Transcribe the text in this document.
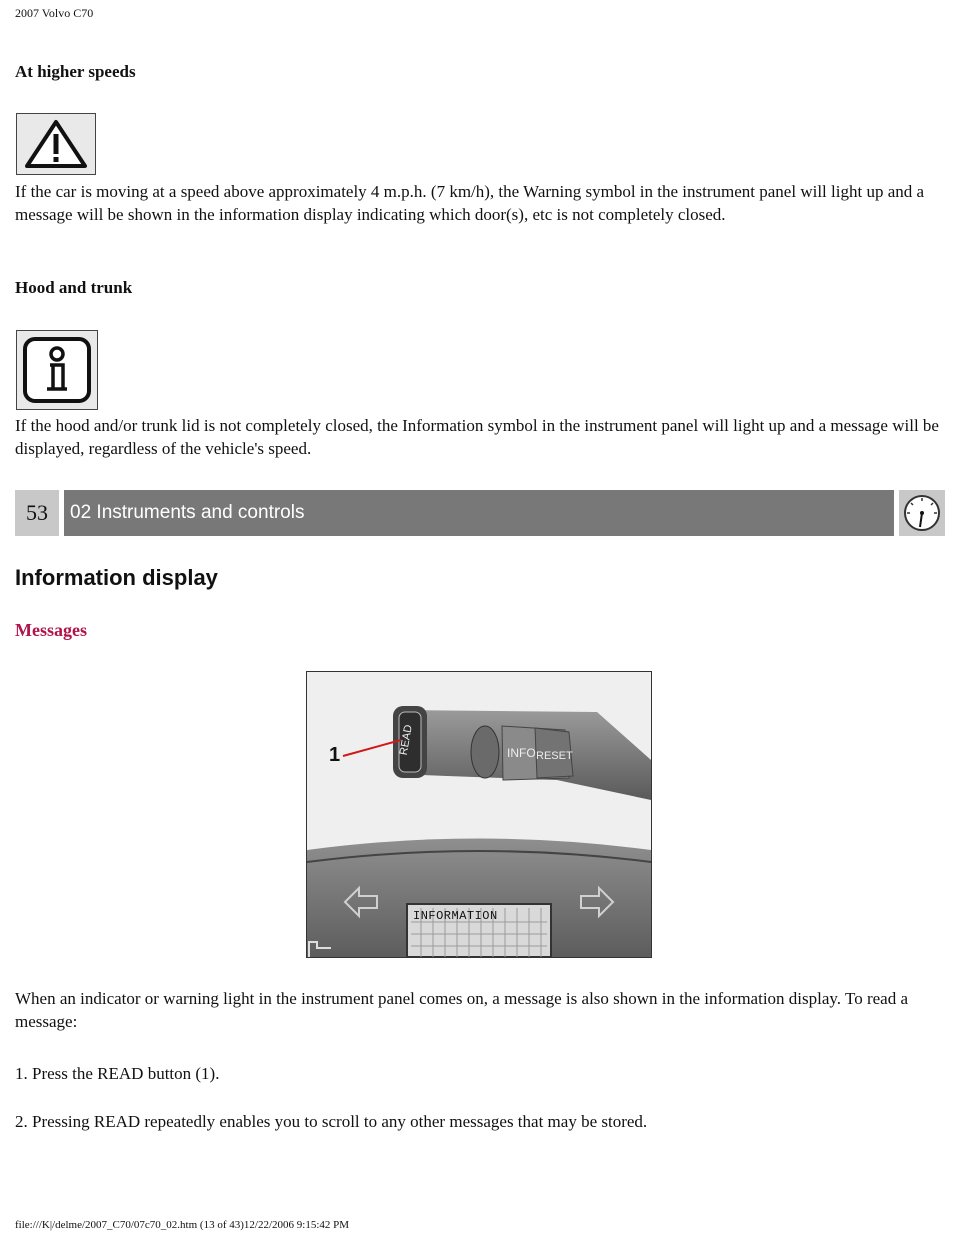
2007 Volvo C70
At higher speeds
If the car is moving at a speed above approximately 4 m.p.h. (7 km/h), the Warning symbol in the instrument panel will light up and a message will be shown in the information display indicating which door(s), etc is not completely closed.
Hood and trunk
If the hood and/or trunk lid is not completely closed, the Information symbol in the instrument panel will light up and a message will be displayed, regardless of the vehicle's speed.
53	02 Instruments and controls
Information display
Messages
1	READ	INFO RESET
INFORMATION
When an indicator or warning light in the instrument panel comes on, a message is also shown in the information display. To read a message:
1. Press the READ button (1).
2. Pressing READ repeatedly enables you to scroll to any other messages that may be stored.
file:///K|/delme/2007_C70/07c70_02.htm (13 of 43)12/22/2006 9:15:42 PM
